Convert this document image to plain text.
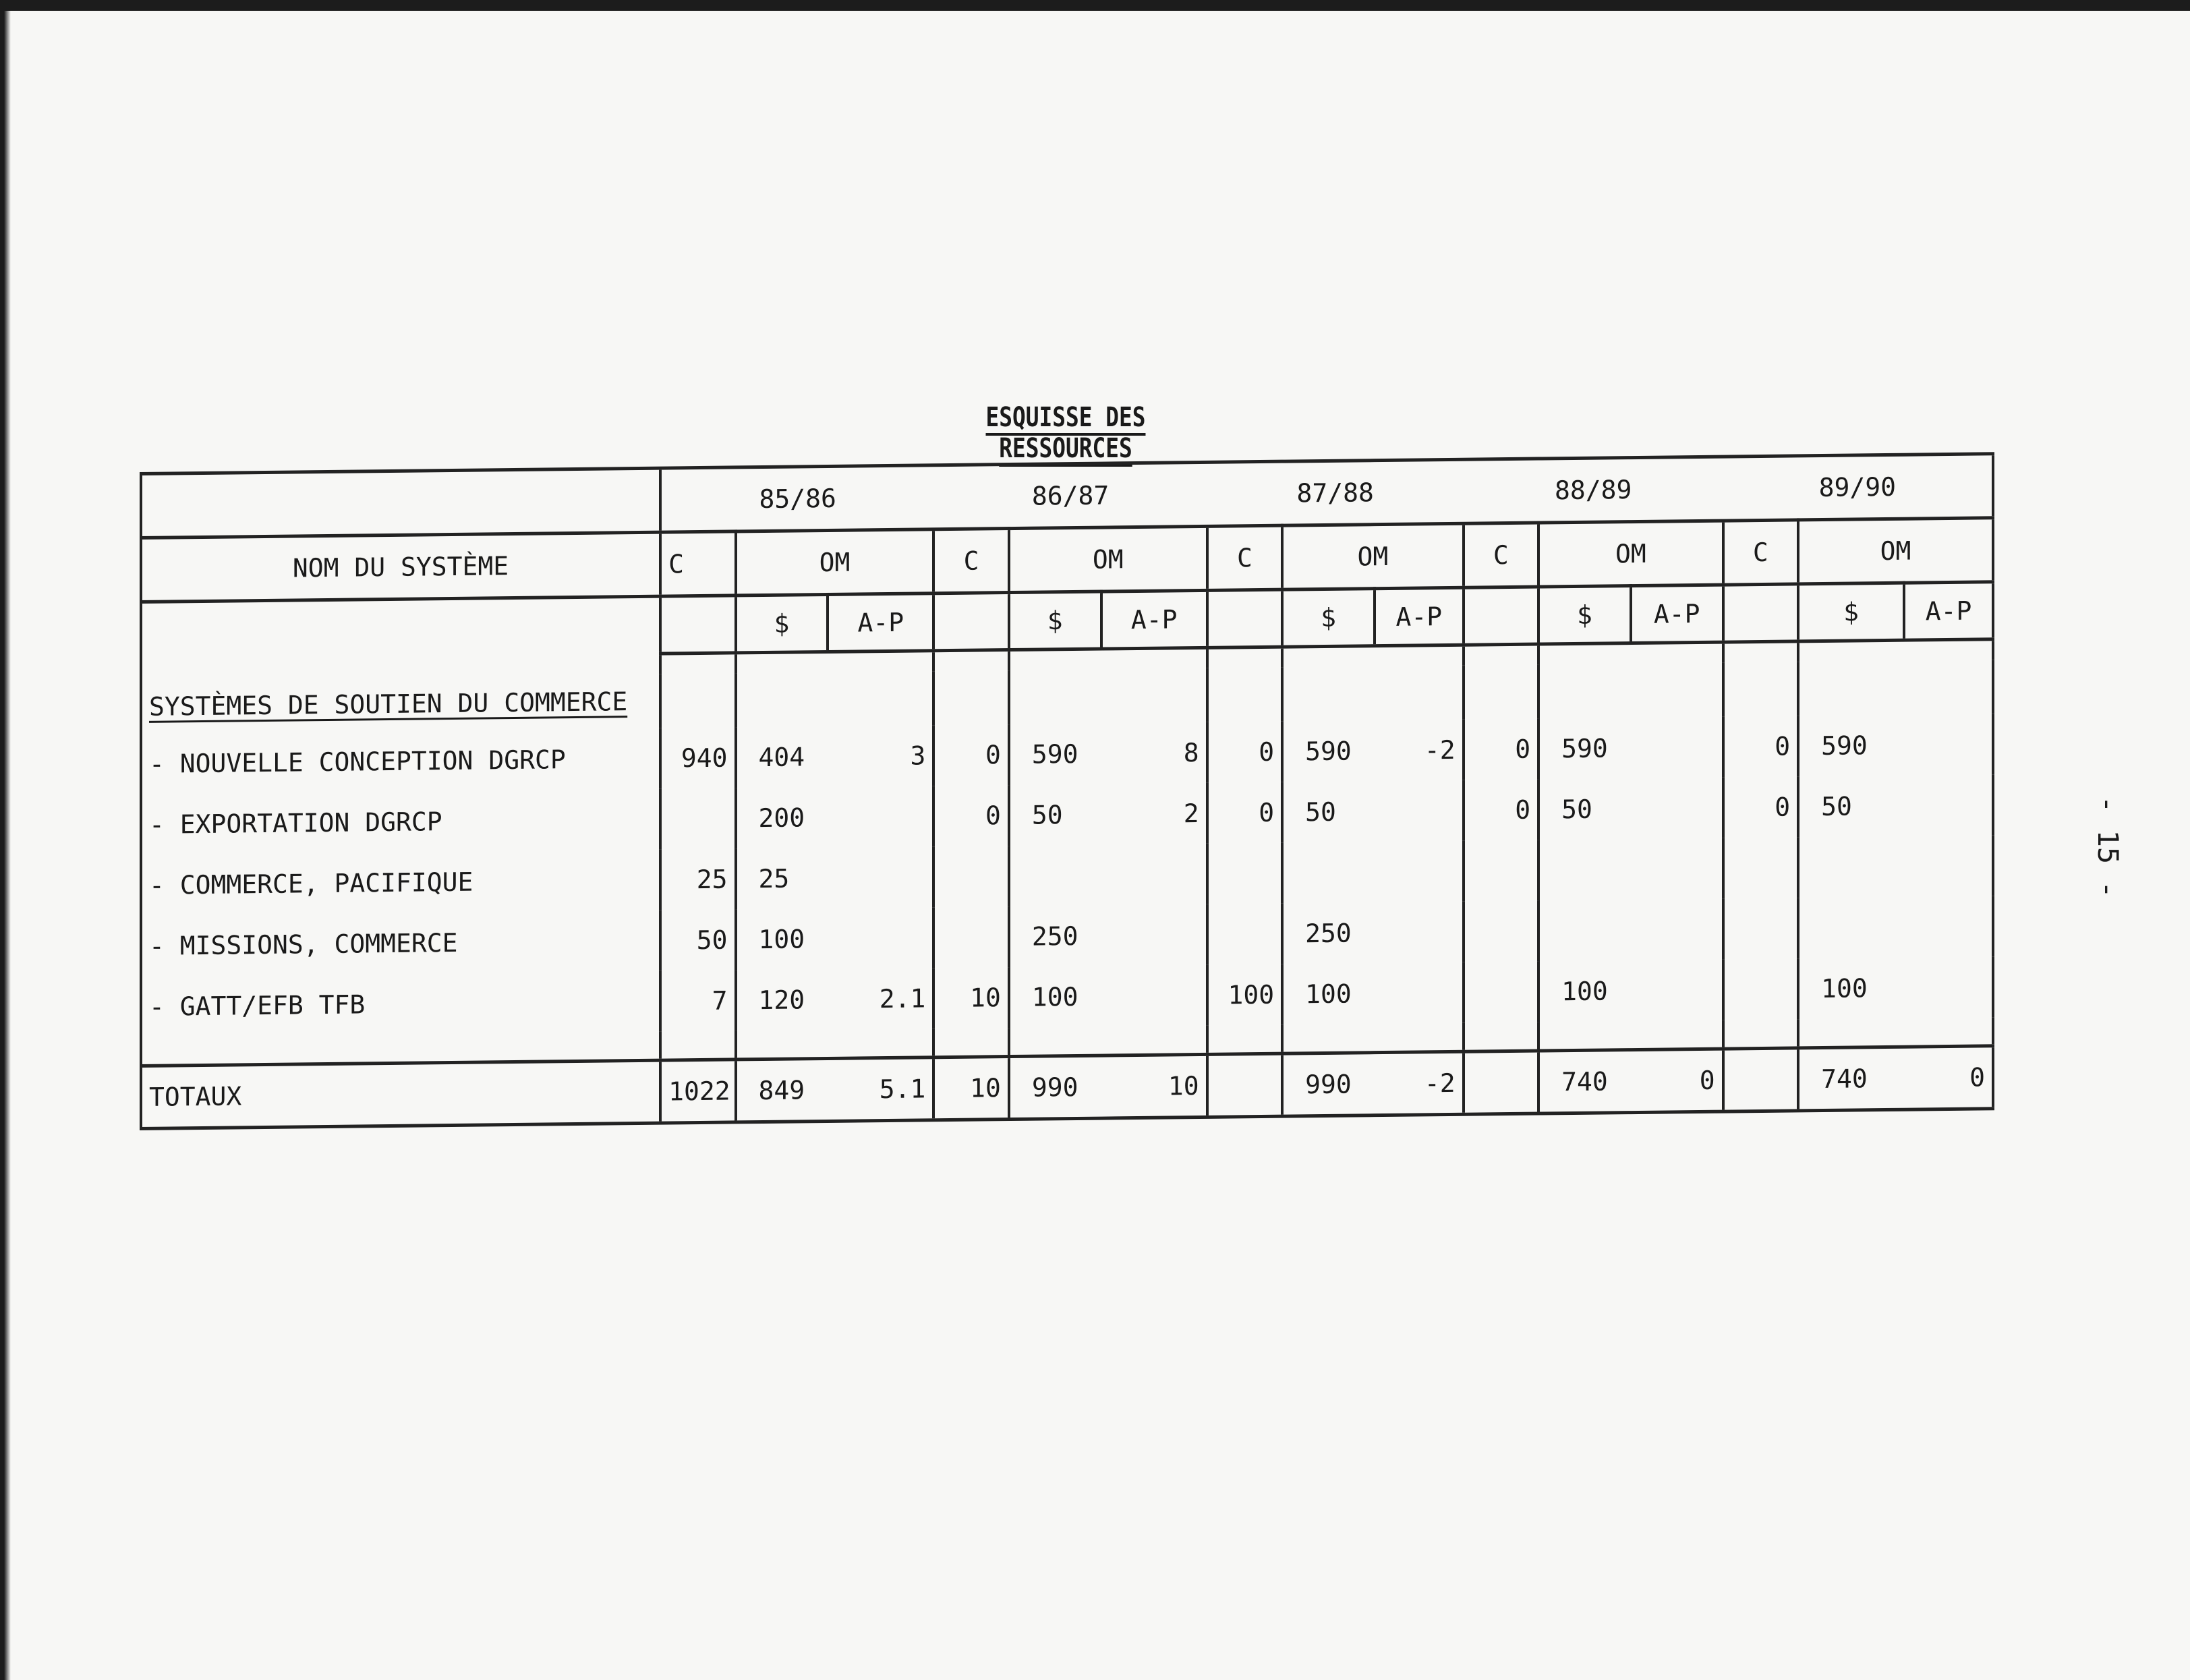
ESQUISSE DES RESSOURCES
- 15 -
	85/86			86/87			87/88			88/89			89/90		
NOM DU SYSTÈME	C	OM		C	OM		C	OM		C	OM		C	OM	
		$	A-P		$	A-P		$	A-P		$	A-P		$	A-P

SYSTÈMES DE SOUTIEN DU COMMERCE															
- NOUVELLE CONCEPTION DGRCP	940	404	3	0	590	8	0	590	-2	0	590		0	590	
- EXPORTATION DGRCP		200		0	50	2	0	50		0	50		0	50	
- COMMERCE, PACIFIQUE	25	25													
- MISSIONS, COMMERCE	50	100			250			250							
- GATT/EFB TFB	7	120	2.1	10	100		100	100			100			100	

TOTAUX	1022	849	5.1	10	990	10		990	-2		740	0		740	0
